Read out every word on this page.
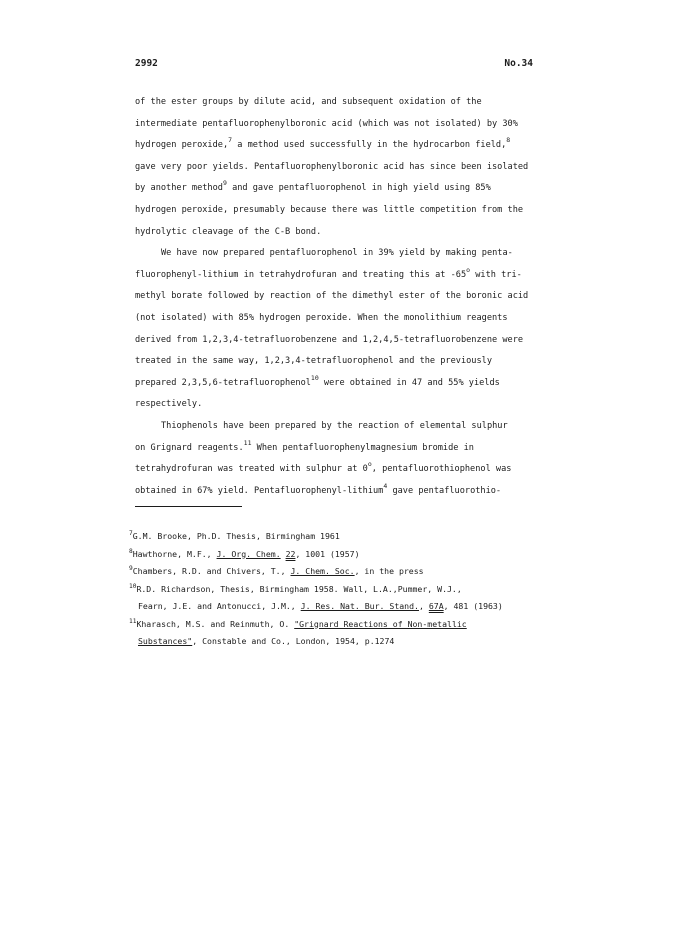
2992	No.34
of the ester groups by dilute acid, and subsequent oxidation of the
intermediate pentafluorophenylboronic acid (which was not isolated) by 30%
hydrogen peroxide,$^7$ a method used successfully in the hydrocarbon field,$^8$
gave very poor yields. Pentafluorophenylboronic acid has since been isolated
by another method$^9$ and gave pentafluorophenol in high yield using 85%
hydrogen peroxide, presumably because there was little competition from the
hydrolytic cleavage of the C-B bond.
We have now prepared pentafluorophenol in 39% yield by making penta-
fluorophenyl-lithium in tetrahydrofuran and treating this at -65$^o$ with tri-
methyl borate followed by reaction of the dimethyl ester of the boronic acid
(not isolated) with 85% hydrogen peroxide. When the monolithium reagents
derived from 1,2,3,4-tetrafluorobenzene and 1,2,4,5-tetrafluorobenzene were
treated in the same way, 1,2,3,4-tetrafluorophenol and the previously
prepared 2,3,5,6-tetrafluorophenol$^{10}$ were obtained in 47 and 55% yields
respectively.
Thiophenols have been prepared by the reaction of elemental sulphur
on Grignard reagents.$^{11}$ When pentafluorophenylmagnesium bromide in
tetrahydrofuran was treated with sulphur at 0$^o$, pentafluorothiophenol was
obtained in 67% yield. Pentafluorophenyl-lithium$^4$ gave pentafluorothio-
$^7$G.M. Brooke, Ph.D. Thesis, Birmingham 1961
$^8$Hawthorne, M.F., J. Org. Chem. 22, 1001 (1957)
$^9$Chambers, R.D. and Chivers, T., J. Chem. Soc., in the press
$^{10}$R.D. Richardson, Thesis, Birmingham 1958. Wall, L.A.,Pummer, W.J.,
Fearn, J.E. and Antonucci, J.M., J. Res. Nat. Bur. Stand., 67A, 481 (1963)
$^{11}$Kharasch, M.S. and Reinmuth, O. "Grignard Reactions of Non-metallic
Substances", Constable and Co., London, 1954, p.1274
